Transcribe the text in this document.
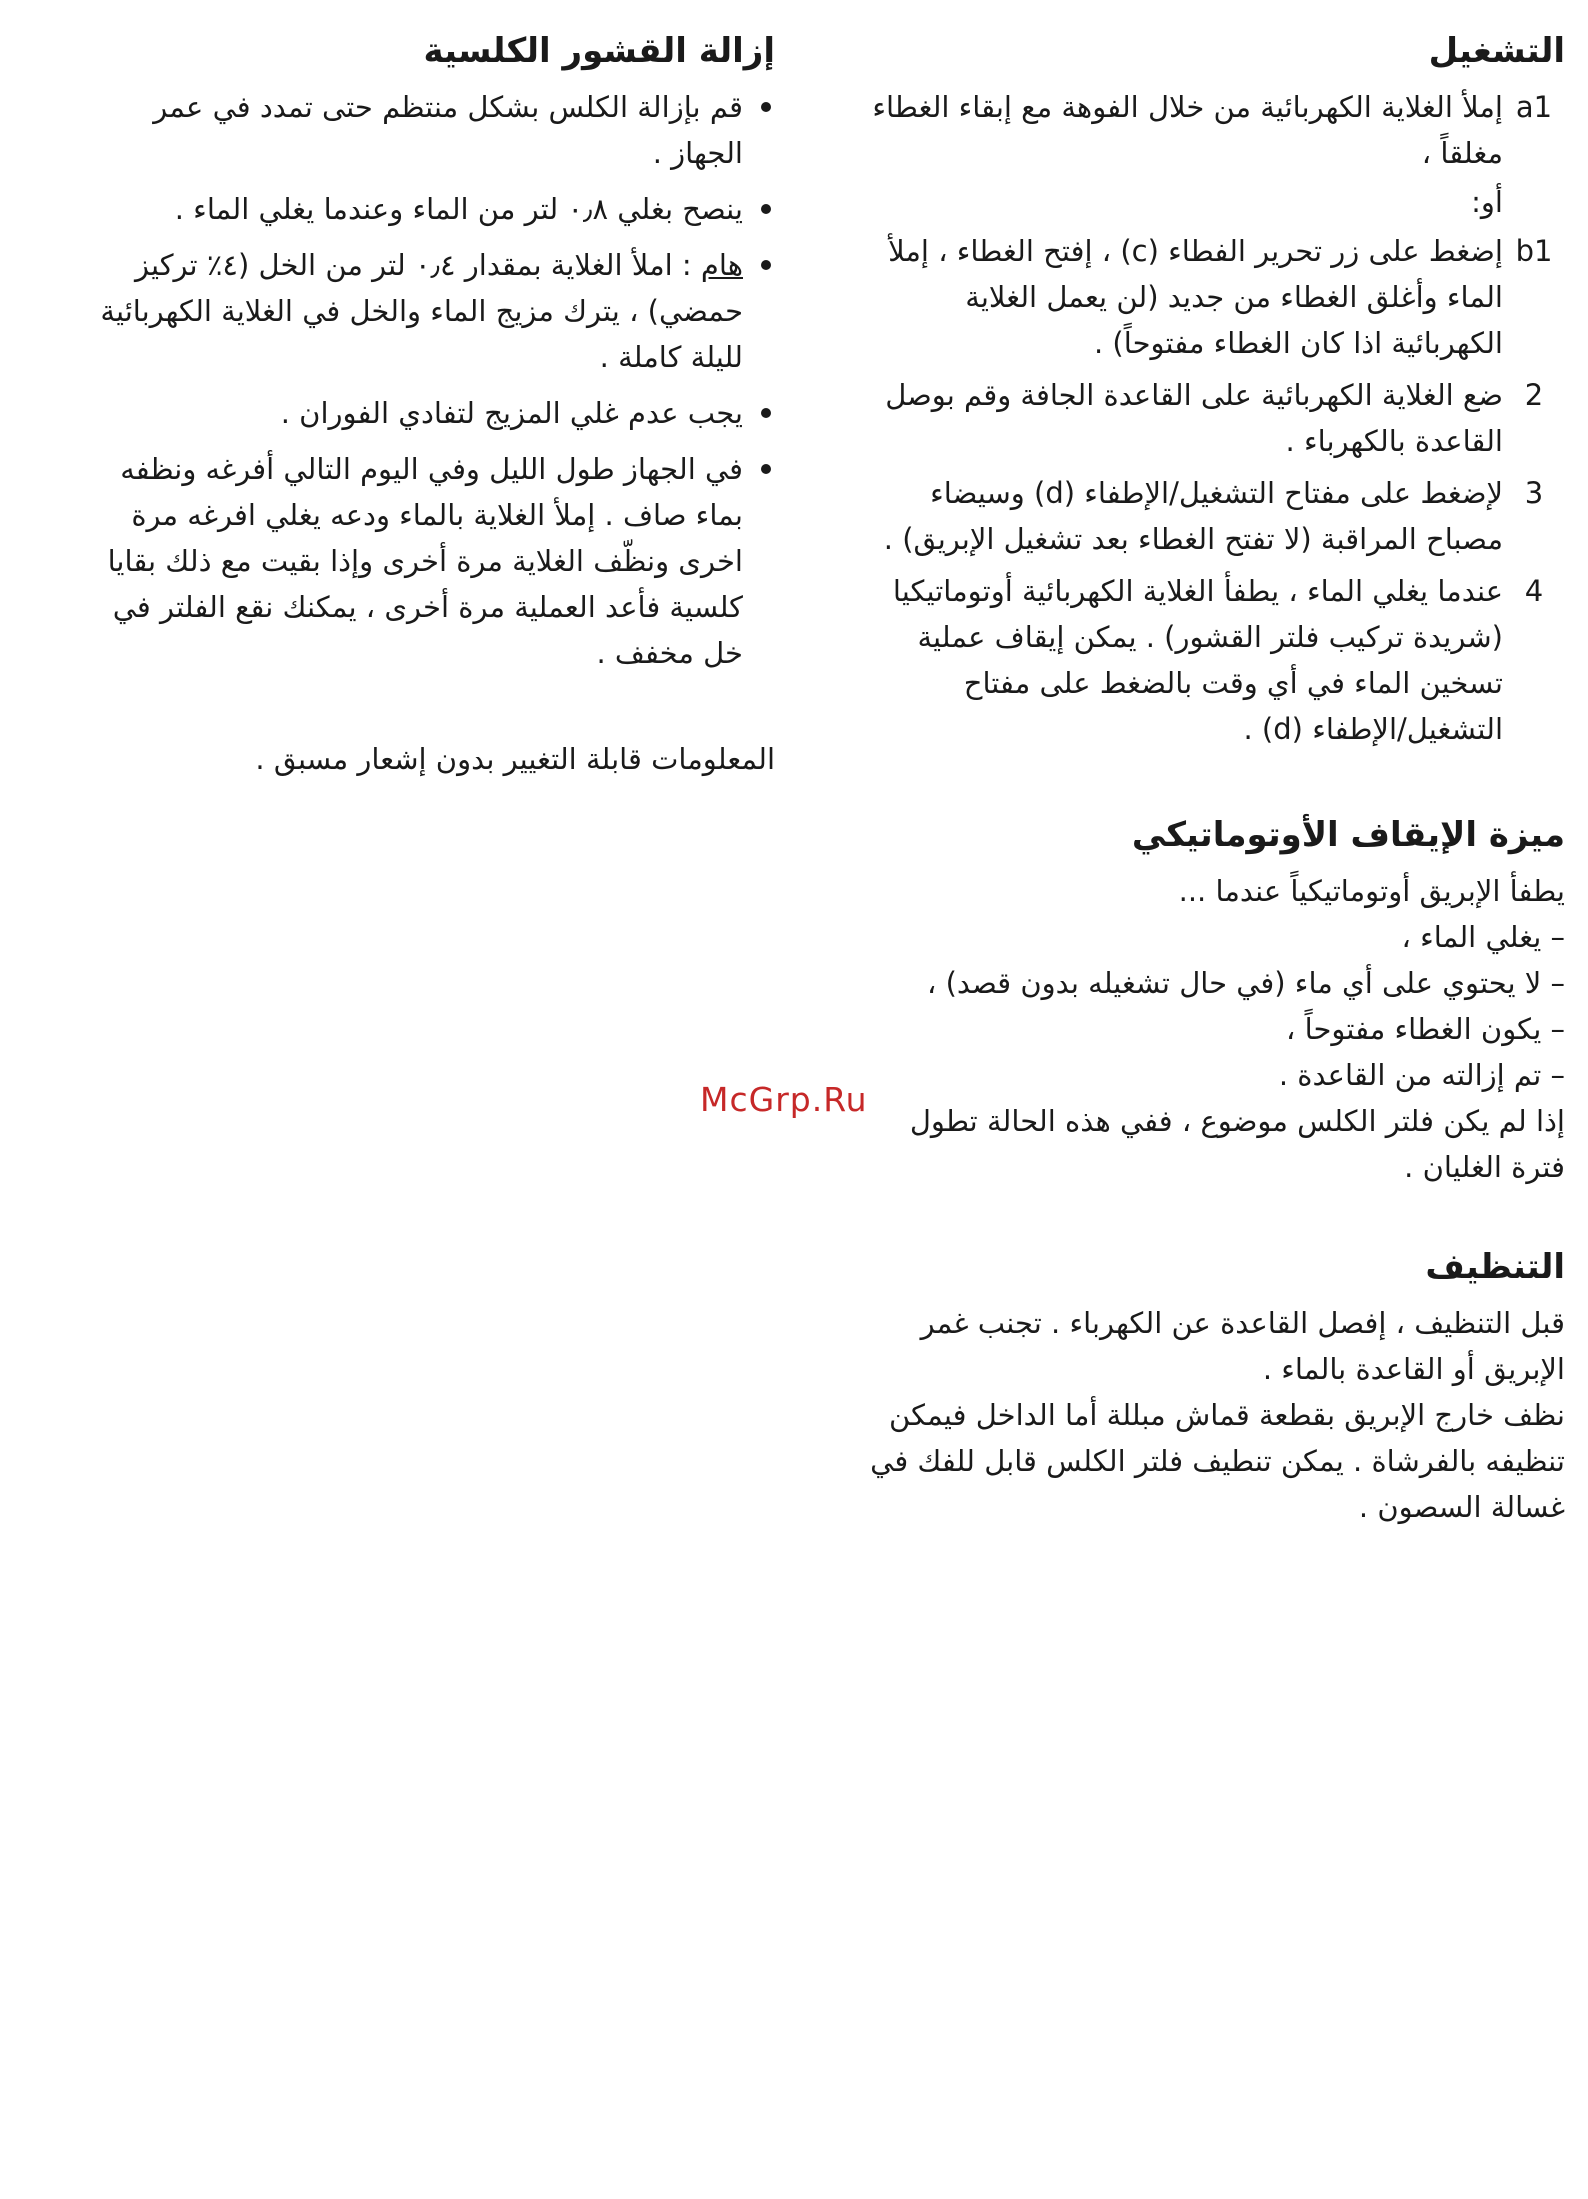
التشغيل
a1
إملأ الغلاية الكهربائية من خلال الفوهة مع إبقاء الغطاء مغلقاً ،
أو:
b1
إضغط على زر تحرير الفطاء (c) ، إفتح الغطاء ، إملأ الماء وأغلق الغطاء من جديد (لن يعمل الغلاية الكهربائية اذا كان الغطاء مفتوحاً) .
2
ضع الغلاية الكهربائية على القاعدة الجافة وقم بوصل القاعدة بالكهرباء .
3
لإضغط على مفتاح التشغيل/الإطفاء (d) وسيضاء مصباح المراقبة (لا تفتح الغطاء بعد تشغيل الإبريق) .
4
عندما يغلي الماء ، يطفأ الغلاية الكهربائية أوتوماتيكيا (شريدة تركيب فلتر القشور) . يمكن إيقاف عملية تسخين الماء في أي وقت بالضغط على مفتاح التشغيل/الإطفاء (d) .
ميزة الإيقاف الأوتوماتيكي

يطفأ الإبريق أوتوماتيكياً عندما ...

– يغلي الماء ،
– لا يحتوي على أي ماء (في حال تشغيله بدون قصد) ،
– يكون الغطاء مفتوحاً ،
– تم إزالته من القاعدة .

إذا لم يكن فلتر الكلس موضوع ، ففي هذه الحالة تطول فترة الغليان .

التنظيف

قبل التنظيف ، إفصل القاعدة عن الكهرباء . تجنب غمر الإبريق أو القاعدة بالماء .

نظف خارج الإبريق بقطعة قماش مبللة أما الداخل فيمكن تنظيفه بالفرشاة . يمكن تنطيف فلتر الكلس قابل للفك في غسالة السصون .

إزالة القشور الكلسية
قم بإزالة الكلس بشكل منتظم حتى تمدد في عمر الجهاز .
ينصح بغلي ٠٫٨ لتر من الماء وعندما يغلي الماء .
هام : املأ الغلاية بمقدار ٠٫٤ لتر من الخل (٤٪ تركيز حمضي) ، يترك مزيج الماء والخل في الغلاية الكهربائية لليلة كاملة .
يجب عدم غلي المزيج لتفادي الفوران .
في الجهاز طول الليل وفي اليوم التالي أفرغه ونظفه بماء صاف . إملأ الغلاية بالماء ودعه يغلي افرغه مرة اخرى ونظّف الغلاية مرة أخرى وإذا بقيت مع ذلك بقايا كلسية فأعد العملية مرة أخرى ، يمكنك نقع الفلتر في خل مخفف .

المعلومات قابلة التغيير بدون إشعار مسبق .

McGrp.Ru
